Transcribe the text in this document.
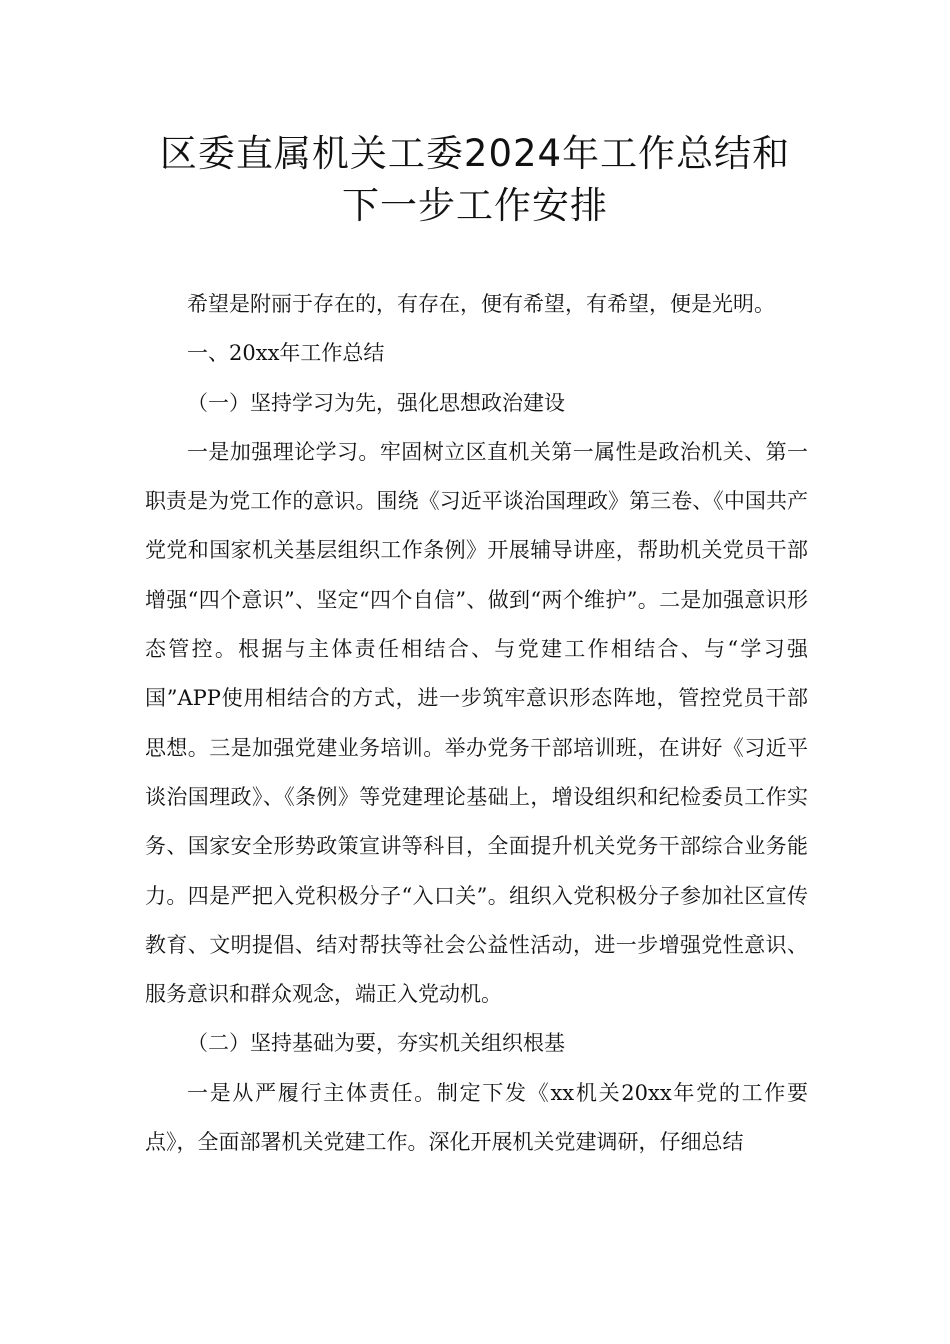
区委直属机关工委2024年工作总结和
下一步工作安排

希望是附丽于存在的，有存在，便有希望，有希望，便是光明。

一、20xx年工作总结

（一）坚持学习为先，强化思想政治建设

一是加强理论学习。牢固树立区直机关第一属性是政治机关、第一职责是为党工作的意识。围绕《习近平谈治国理政》第三卷、《中国共产党党和国家机关基层组织工作条例》开展辅导讲座，帮助机关党员干部增强“四个意识”、坚定“四个自信”、做到“两个维护”。二是加强意识形态管控。根据与主体责任相结合、与党建工作相结合、与“学习强国”APP使用相结合的方式，进一步筑牢意识形态阵地，管控党员干部思想。三是加强党建业务培训。举办党务干部培训班，在讲好《习近平谈治国理政》、《条例》等党建理论基础上，增设组织和纪检委员工作实务、国家安全形势政策宣讲等科目，全面提升机关党务干部综合业务能力。四是严把入党积极分子“入口关”。组织入党积极分子参加社区宣传教育、文明提倡、结对帮扶等社会公益性活动，进一步增强党性意识、服务意识和群众观念，端正入党动机。

（二）坚持基础为要，夯实机关组织根基

一是从严履行主体责任。制定下发《xx机关20xx年党的工作要点》，全面部署机关党建工作。深化开展机关党建调研，仔细总结
